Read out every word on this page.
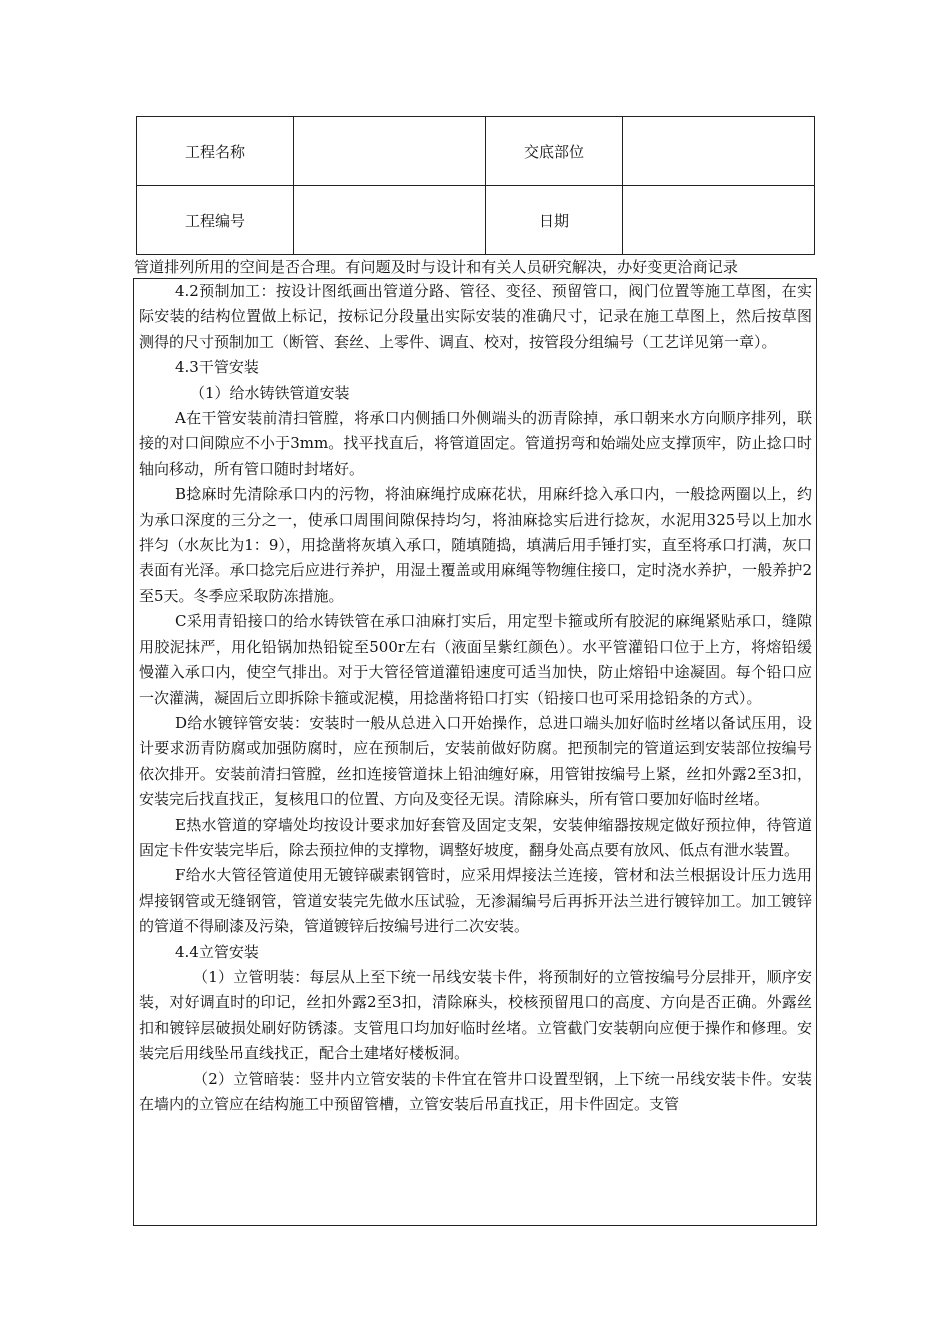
工程名称		交底部位	
工程编号		日期	
管道排列所用的空间是否合理。有问题及时与设计和有关人员研究解决，办好变更洽商记录

4.2预制加工：按设计图纸画出管道分路、管径、变径、预留管口，阀门位置等施工草图，在实际安装的结构位置做上标记，按标记分段量出实际安装的准确尺寸，记录在施工草图上，然后按草图测得的尺寸预制加工（断管、套丝、上零件、调直、校对，按管段分组编号（工艺详见第一章）。

4.3干管安装

（1）给水铸铁管道安装

A在干管安装前清扫管膛，将承口内侧插口外侧端头的沥青除掉，承口朝来水方向顺序排列，联接的对口间隙应不小于3mm。找平找直后，将管道固定。管道拐弯和始端处应支撑顶牢，防止捻口时轴向移动，所有管口随时封堵好。

B捻麻时先清除承口内的污物，将油麻绳拧成麻花状，用麻纤捻入承口内，一般捻两圈以上，约为承口深度的三分之一，使承口周围间隙保持均匀，将油麻捻实后进行捻灰，水泥用325号以上加水拌匀（水灰比为1：9），用捻凿将灰填入承口，随填随捣，填满后用手锤打实，直至将承口打满，灰口表面有光泽。承口捻完后应进行养护，用湿土覆盖或用麻绳等物缠住接口，定时浇水养护，一般养护2至5天。冬季应采取防冻措施。

C采用青铅接口的给水铸铁管在承口油麻打实后，用定型卡箍或所有胶泥的麻绳紧贴承口，缝隙用胶泥抹严，用化铅锅加热铅锭至500r左右（液面呈紫红颜色）。水平管灌铅口位于上方，将熔铅缓慢灌入承口内，使空气排出。对于大管径管道灌铅速度可适当加快，防止熔铅中途凝固。每个铅口应一次灌满，凝固后立即拆除卡箍或泥模，用捻凿将铅口打实（铅接口也可采用捻铅条的方式）。

D给水镀锌管安装：安装时一般从总进入口开始操作，总进口端头加好临时丝堵以备试压用，设计要求沥青防腐或加强防腐时，应在预制后，安装前做好防腐。把预制完的管道运到安装部位按编号依次排开。安装前清扫管膛，丝扣连接管道抹上铅油缠好麻，用管钳按编号上紧，丝扣外露2至3扣，安装完后找直找正，复核甩口的位置、方向及变径无误。清除麻头，所有管口要加好临时丝堵。

E热水管道的穿墙处均按设计要求加好套管及固定支架，安装伸缩器按规定做好预拉伸，待管道固定卡件安装完毕后，除去预拉伸的支撑物，调整好坡度，翻身处高点要有放风、低点有泄水装置。

F给水大管径管道使用无镀锌碳素钢管时，应采用焊接法兰连接，管材和法兰根据设计压力选用焊接钢管或无缝钢管，管道安装完先做水压试验，无渗漏编号后再拆开法兰进行镀锌加工。加工镀锌的管道不得刷漆及污染，管道镀锌后按编号进行二次安装。

4.4立管安装

（1）立管明装：每层从上至下统一吊线安装卡件，将预制好的立管按编号分层排开，顺序安装，对好调直时的印记，丝扣外露2至3扣，清除麻头，校核预留甩口的高度、方向是否正确。外露丝扣和镀锌层破损处刷好防锈漆。支管甩口均加好临时丝堵。立管截门安装朝向应便于操作和修理。安装完后用线坠吊直线找正，配合土建堵好楼板洞。

（2）立管暗装：竖井内立管安装的卡件宜在管井口设置型钢，上下统一吊线安装卡件。安装在墙内的立管应在结构施工中预留管槽，立管安装后吊直找正，用卡件固定。支管
